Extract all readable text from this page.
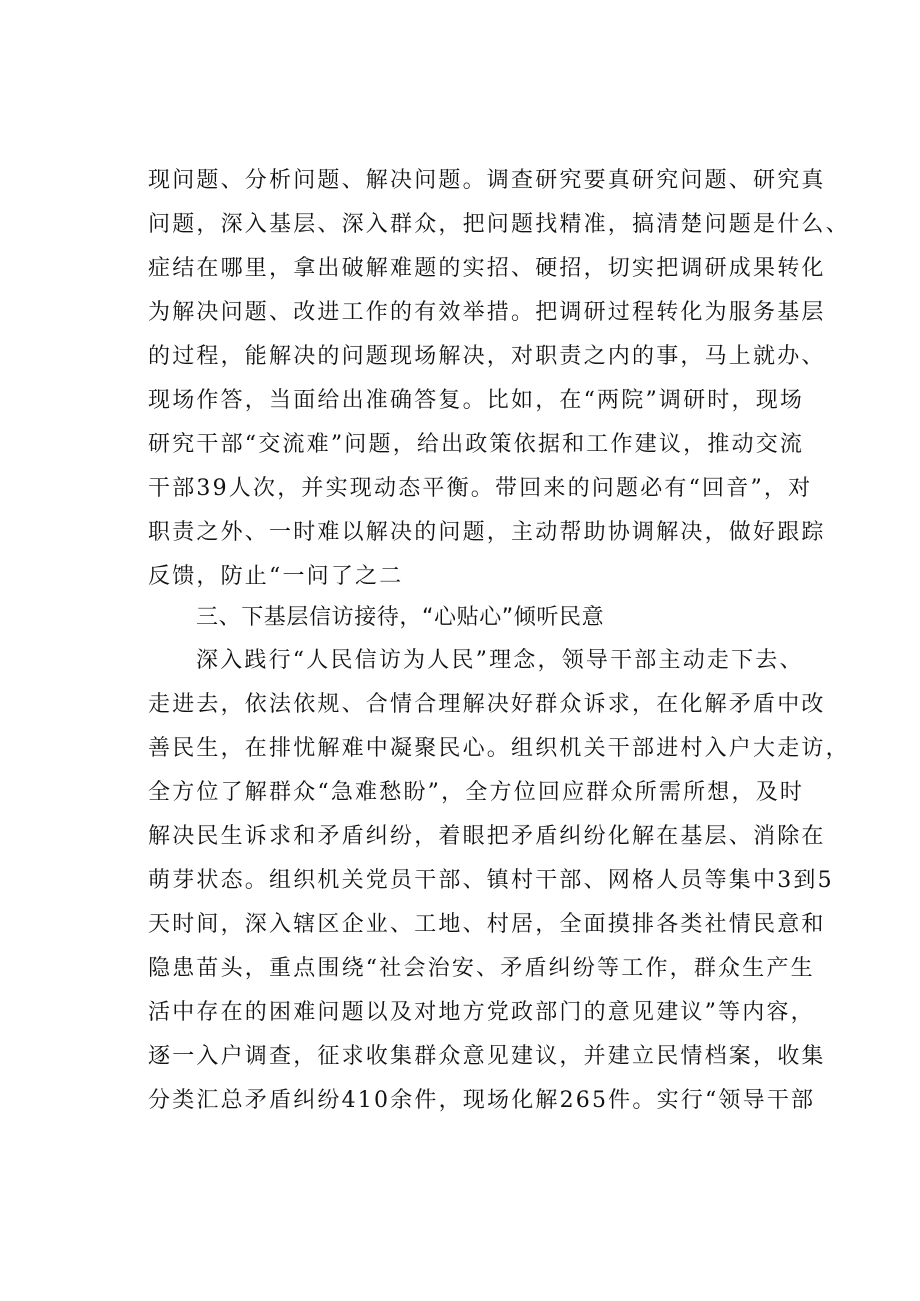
现问题、分析问题、解决问题。调查研究要真研究问题、研究真
问题，深入基层、深入群众，把问题找精准，搞清楚问题是什么、
症结在哪里，拿出破解难题的实招、硬招，切实把调研成果转化
为解决问题、改进工作的有效举措。把调研过程转化为服务基层
的过程，能解决的问题现场解决，对职责之内的事，马上就办、
现场作答，当面给出准确答复。比如，在“两院”调研时，现场
研究干部“交流难”问题，给出政策依据和工作建议，推动交流
干部39人次，并实现动态平衡。带回来的问题必有“回音”，对
职责之外、一时难以解决的问题，主动帮助协调解决，做好跟踪
反馈，防止“一问了之二
三、下基层信访接待，“心贴心”倾听民意
深入践行“人民信访为人民”理念，领导干部主动走下去、
走进去，依法依规、合情合理解决好群众诉求，在化解矛盾中改
善民生，在排忧解难中凝聚民心。组织机关干部进村入户大走访，
全方位了解群众“急难愁盼”，全方位回应群众所需所想，及时
解决民生诉求和矛盾纠纷，着眼把矛盾纠纷化解在基层、消除在
萌芽状态。组织机关党员干部、镇村干部、网格人员等集中3到5
天时间，深入辖区企业、工地、村居，全面摸排各类社情民意和
隐患苗头，重点围绕“社会治安、矛盾纠纷等工作，群众生产生
活中存在的困难问题以及对地方党政部门的意见建议”等内容，
逐一入户调查，征求收集群众意见建议，并建立民情档案，收集
分类汇总矛盾纠纷410余件，现场化解265件。实行“领导干部
